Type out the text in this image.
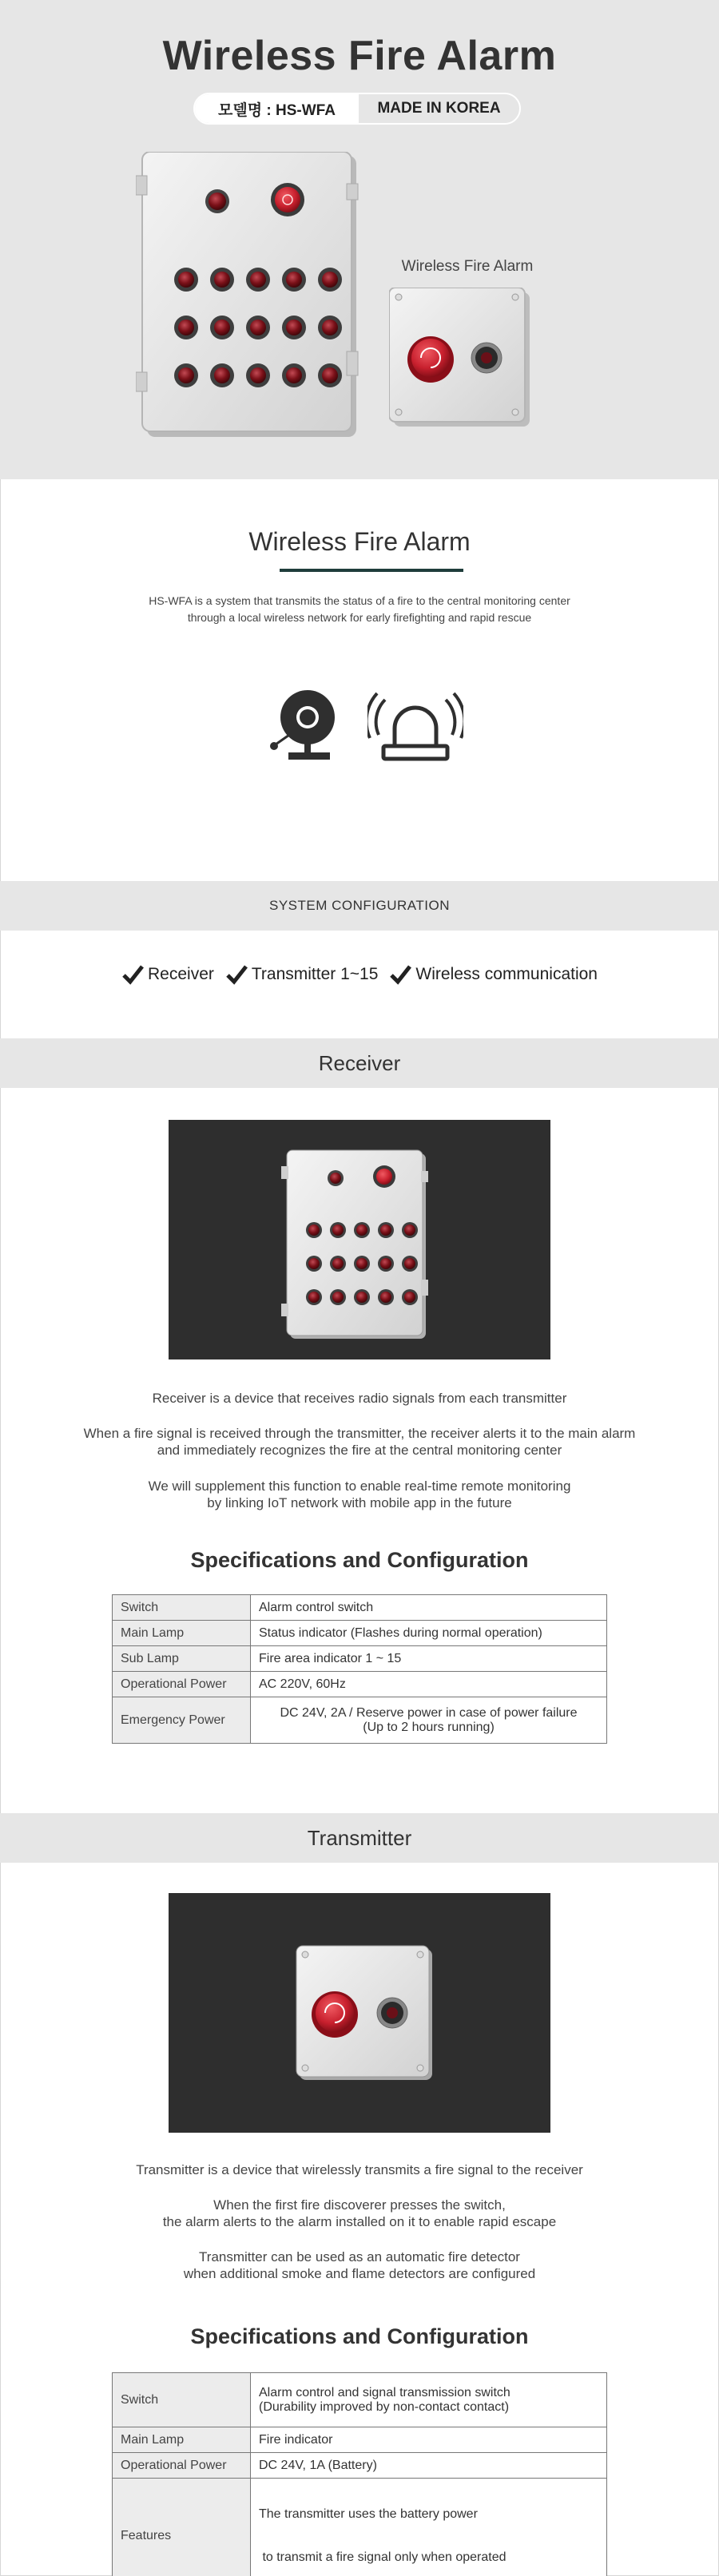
Wireless Fire Alarm
모델명 : HS-WFA	MADE IN KOREA
Wireless Fire Alarm
Wireless Fire Alarm
HS-WFA is a system that transmits the status of a fire to the central monitoring center
through a local wireless network for early firefighting and rapid rescue
SYSTEM CONFIGURATION
Receiver Transmitter 1~15 Wireless communication
Receiver
Receiver is a device that receives radio signals from each transmitter
When a fire signal is received through the transmitter, the receiver alerts it to the main alarm
and immediately recognizes the fire at the central monitoring center
We will supplement this function to enable real-time remote monitoring
by linking IoT network with mobile app in the future
Specifications and Configuration
Switch	Alarm control switch
Main Lamp	Status indicator (Flashes during normal operation)
Sub Lamp	Fire area indicator 1 ~ 15
Operational Power	AC 220V, 60Hz
Emergency Power	DC 24V, 2A / Reserve power in case of power failure
(Up to 2 hours running)
Transmitter
Transmitter is a device that wirelessly transmits a fire signal to the receiver
When the first fire discoverer presses the switch,
the alarm alerts to the alarm installed on it to enable rapid escape
Transmitter can be used as an automatic fire detector
when additional smoke and flame detectors are configured
Specifications and Configuration
Switch	Alarm control and signal transmission switch
(Durability improved by non-contact contact)

Main Lamp	Fire indicator
Operational Power	DC 24V, 1A (Battery)
Features	The transmitter uses the battery power

to transmit a fire signal only when operated
